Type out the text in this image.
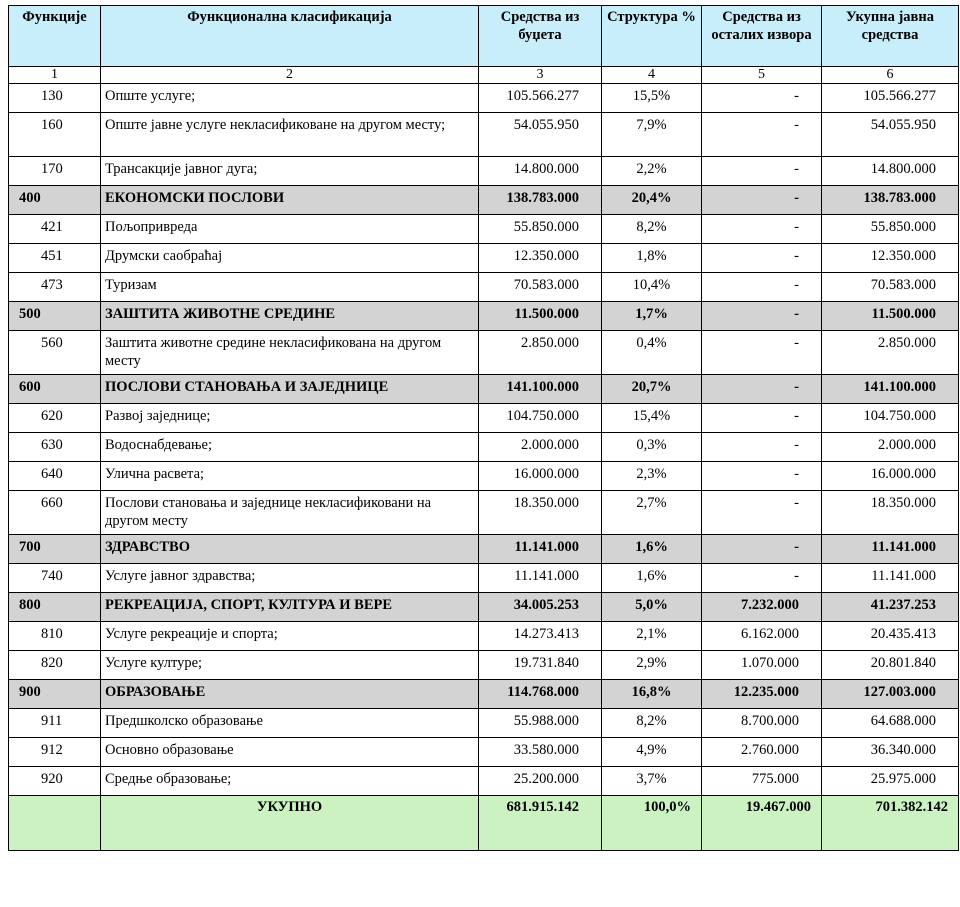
Функције	Функционална класификација	Средства из буџета	Структура %	Средства из осталих извора	Укупна јавна средства
1	2	3	4	5	6
130	Опште услуге;	105.566.277	15,5%	-	105.566.277
160	Опште јавне услуге некласификоване на другом месту;	54.055.950	7,9%	-	54.055.950
170	Трансакције јавног дуга;	14.800.000	2,2%	-	14.800.000
400	ЕКОНОМСКИ ПОСЛОВИ	138.783.000	20,4%	-	138.783.000
421	Пољопривреда	55.850.000	8,2%	-	55.850.000
451	Друмски саобраћај	12.350.000	1,8%	-	12.350.000
473	Туризам	70.583.000	10,4%	-	70.583.000
500	ЗАШТИТА ЖИВОТНЕ СРЕДИНЕ	11.500.000	1,7%	-	11.500.000
560	Заштита животне средине некласификована на другом месту	2.850.000	0,4%	-	2.850.000
600	ПОСЛОВИ СТАНОВАЊА И ЗАЈЕДНИЦЕ	141.100.000	20,7%	-	141.100.000
620	Развој заједнице;	104.750.000	15,4%	-	104.750.000
630	Водоснабдевање;	2.000.000	0,3%	-	2.000.000
640	Улична расвета;	16.000.000	2,3%	-	16.000.000
660	Послови становања и заједнице некласификовани на другом месту	18.350.000	2,7%	-	18.350.000
700	ЗДРАВСТВО	11.141.000	1,6%	-	11.141.000
740	Услуге јавног здравства;	11.141.000	1,6%	-	11.141.000
800	РЕКРЕАЦИЈА, СПОРТ, КУЛТУРА И ВЕРЕ	34.005.253	5,0%	7.232.000	41.237.253
810	Услуге рекреације и спорта;	14.273.413	2,1%	6.162.000	20.435.413
820	Услуге културе;	19.731.840	2,9%	1.070.000	20.801.840
900	ОБРАЗОВАЊЕ	114.768.000	16,8%	12.235.000	127.003.000
911	Предшколско образовање	55.988.000	8,2%	8.700.000	64.688.000
912	Основно образовање	33.580.000	4,9%	2.760.000	36.340.000
920	Средње образовање;	25.200.000	3,7%	775.000	25.975.000
	УКУПНО	681.915.142	100,0%	19.467.000	701.382.142
